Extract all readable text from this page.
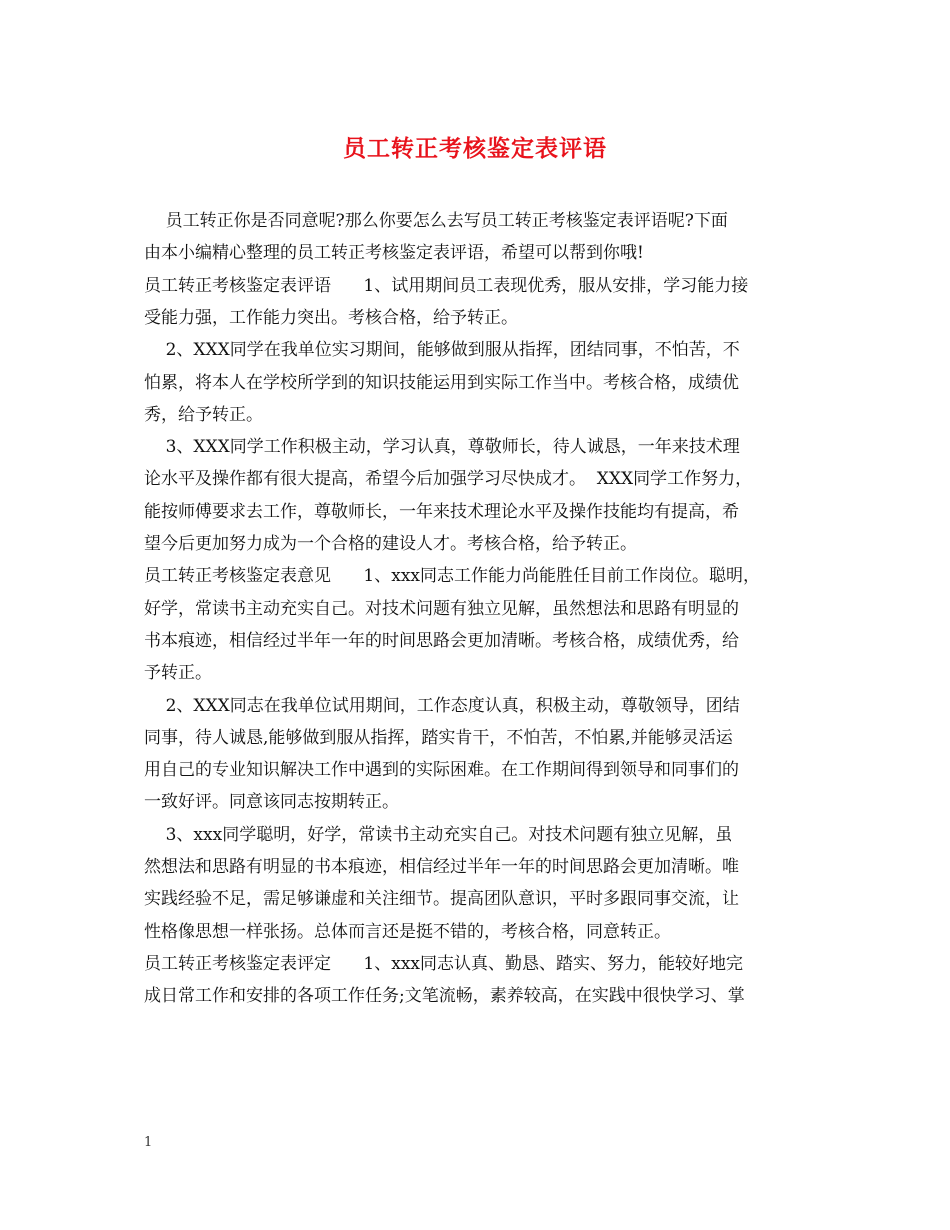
员工转正考核鉴定表评语
员工转正你是否同意呢?那么你要怎么去写员工转正考核鉴定表评语呢?下面
由本小编精心整理的员工转正考核鉴定表评语，希望可以帮到你哦!
员工转正考核鉴定表评语      1、试用期间员工表现优秀，服从安排，学习能力接
受能力强，工作能力突出。考核合格，给予转正。
2、XXX同学在我单位实习期间，能够做到服从指挥，团结同事，不怕苦，不
怕累，将本人在学校所学到的知识技能运用到实际工作当中。考核合格，成绩优
秀，给予转正。
3、XXX同学工作积极主动，学习认真，尊敬师长，待人诚恳，一年来技术理
论水平及操作都有很大提高，希望今后加强学习尽快成才。  XXX同学工作努力，
能按师傅要求去工作，尊敬师长，一年来技术理论水平及操作技能均有提高，希
望今后更加努力成为一个合格的建设人才。考核合格，给予转正。
员工转正考核鉴定表意见      1、xxx同志工作能力尚能胜任目前工作岗位。聪明，
好学，常读书主动充实自己。对技术问题有独立见解，虽然想法和思路有明显的
书本痕迹，相信经过半年一年的时间思路会更加清晰。考核合格，成绩优秀，给
予转正。
2、XXX同志在我单位试用期间，工作态度认真，积极主动，尊敬领导，团结
同事，待人诚恳,能够做到服从指挥，踏实肯干，不怕苦，不怕累,并能够灵活运
用自己的专业知识解决工作中遇到的实际困难。在工作期间得到领导和同事们的
一致好评。同意该同志按期转正。
3、xxx同学聪明，好学，常读书主动充实自己。对技术问题有独立见解，虽
然想法和思路有明显的书本痕迹，相信经过半年一年的时间思路会更加清晰。唯
实践经验不足，需足够谦虚和关注细节。提高团队意识，平时多跟同事交流，让
性格像思想一样张扬。总体而言还是挺不错的，考核合格，同意转正。
员工转正考核鉴定表评定      1、xxx同志认真、勤恳、踏实、努力，能较好地完
成日常工作和安排的各项工作任务;文笔流畅，素养较高，在实践中很快学习、掌
1
